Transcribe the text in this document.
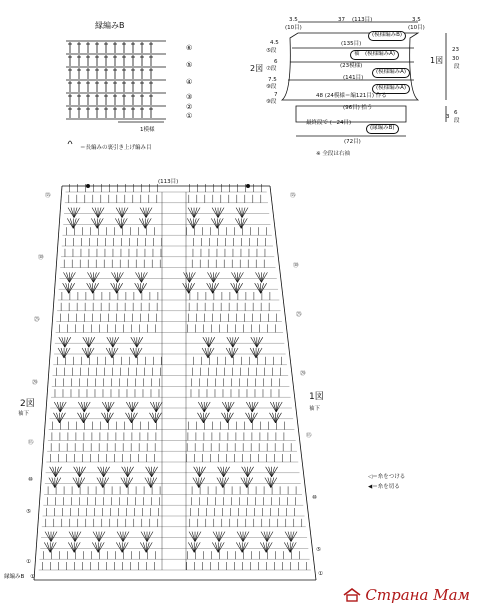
縁編みB
⑥
⑤
④
③
②
①
1模様
＝長編みの裏引き上げ編み目
3.5
(10目)
37 (113目)	3.5
(10目)
4.5
⑤段
6
⑦段
7.5
⑨段
7
⑨段
(模様編みB)
(135目)
袖　(模様編みA)
(23模様)
(模様編みA)
(141目)
(模様編みA)
48 (24模様＝編121目) 作る
(96目) 拾う
最終段で (−24目)
(縁編みB)
(72目)
※ 全段は右袖
23
30
段
3
6
段
1図
2図
(113目)
2図
袖下
1図
袖下
㉟
㉚
㉕
⑳
⑮
⑩
⑤
①
㉟
㉚
㉕
⑳
⑮
⑩
⑤
①
縁編みB ①
◁＝糸をつける
◀＝糸を切る
Страна Мам
